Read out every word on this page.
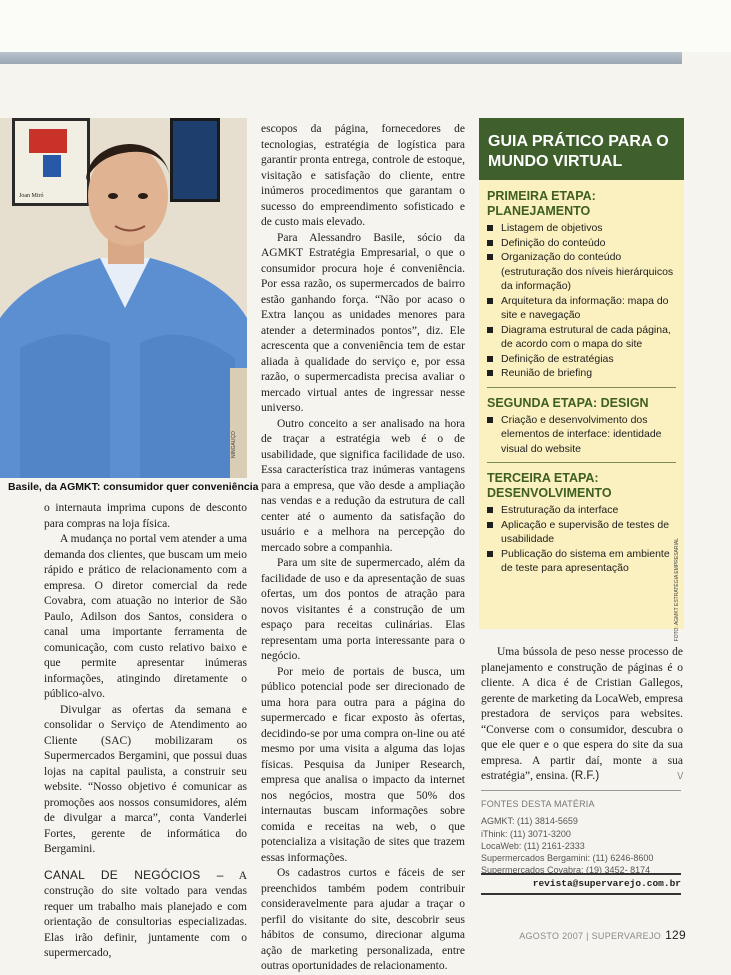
Joan Miró
NINGAUÇO
Basile, da AGMKT: consumidor quer conveniência

o internauta imprima cupons de desconto para compras na loja física.

A mudança no portal vem atender a uma demanda dos clientes, que buscam um meio rápido e prático de relacionamento com a empresa. O diretor comercial da rede Covabra, com atuação no interior de São Paulo, Adilson dos Santos, considera o canal uma importante ferramenta de comunicação, com custo relativo baixo e que permite apresentar inúmeras informações, atingindo diretamente o público-alvo.

Divulgar as ofertas da semana e consolidar o Serviço de Atendimento ao Cliente (SAC) mobilizaram os Supermercados Bergamini, que possui duas lojas na capital paulista, a construir seu website. “Nosso objetivo é comunicar as promoções aos nossos consumidores, além de divulgar a marca”, conta Vanderlei Fortes, gerente de informática do Bergamini.

CANAL DE NEGÓCIOS – A construção do site voltado para vendas requer um trabalho mais planejado e com orientação de consultorias especializadas. Elas irão definir, juntamente com o supermercado,

escopos da página, fornecedores de tecnologias, estratégia de logística para garantir pronta entrega, controle de estoque, visitação e satisfação do cliente, entre inúmeros procedimentos que garantam o sucesso do empreendimento sofisticado e de custo mais elevado.

Para Alessandro Basile, sócio da AGMKT Estratégia Empresarial, o que o consumidor procura hoje é conveniência. Por essa razão, os supermercados de bairro estão ganhando força. “Não por acaso o Extra lançou as unidades menores para atender a determinados pontos”, diz. Ele acrescenta que a conveniência tem de estar aliada à qualidade do serviço e, por essa razão, o supermercadista precisa avaliar o mercado virtual antes de ingressar nesse universo.

Outro conceito a ser analisado na hora de traçar a estratégia web é o de usabilidade, que significa facilidade de uso. Essa característica traz inúmeras vantagens para a empresa, que vão desde a ampliação nas vendas e a redução da estrutura de call center até o aumento da satisfação do usuário e a melhora na percepção do mercado sobre a companhia.

Para um site de supermercado, além da facilidade de uso e da apresentação de suas ofertas, um dos pontos de atração para novos visitantes é a construção de um espaço para receitas culinárias. Elas representam uma porta interessante para o negócio.

Por meio de portais de busca, um público potencial pode ser direcionado de uma hora para outra para a página do supermercado e ficar exposto às ofertas, decidindo-se por uma compra on-line ou até mesmo por uma visita a alguma das lojas físicas. Pesquisa da Juniper Research, empresa que analisa o impacto da internet nos negócios, mostra que 50% dos internautas buscam informações sobre comida e receitas na web, o que potencializa a visitação de sites que trazem essas informações.

Os cadastros curtos e fáceis de ser preenchidos também podem contribuir consideravelmente para ajudar a traçar o perfil do visitante do site, descobrir seus hábitos de consumo, direcionar alguma ação de marketing personalizada, entre outras oportunidades de relacionamento.

GUIA PRÁTICO PARA O MUNDO VIRTUAL
PRIMEIRA ETAPA: PLANEJAMENTO
Listagem de objetivos
Definição do conteúdo
Organização do conteúdo (estruturação dos níveis hierárquicos da informação)
Arquitetura da informação: mapa do site e navegação
Diagrama estrutural de cada página, de acordo com o mapa do site
Definição de estratégias
Reunião de briefing
SEGUNDA ETAPA: DESIGN
Criação e desenvolvimento dos elementos de interface: identidade visual do website
TERCEIRA ETAPA: DESENVOLVIMENTO
Estruturação da interface
Aplicação e supervisão de testes de usabilidade
Publicação do sistema em ambiente de teste para apresentação	FOTO: AGMKT ESTRATÉGIA EMPRESARIAL

Uma bússola de peso nesse processo de planejamento e construção de páginas é o cliente. A dica é de Cristian Gallegos, gerente de marketing da LocaWeb, empresa prestadora de serviços para websites. “Converse com o consumidor, descubra o que ele quer e o que espera do site da sua empresa. A partir daí, monte a sua estratégia”, ensina. (R.F.)	\/

FONTES DESTA MATÉRIA
AGMKT: (11) 3814-5659
iThink: (11) 3071-3200
LocaWeb: (11) 2161-2333
Supermercados Bergamini: (11) 6246-8600
Supermercados Covabra: (19) 3452- 8174
revista@supervarejo.com.br
AGOSTO 2007 | SUPERVAREJO 129
